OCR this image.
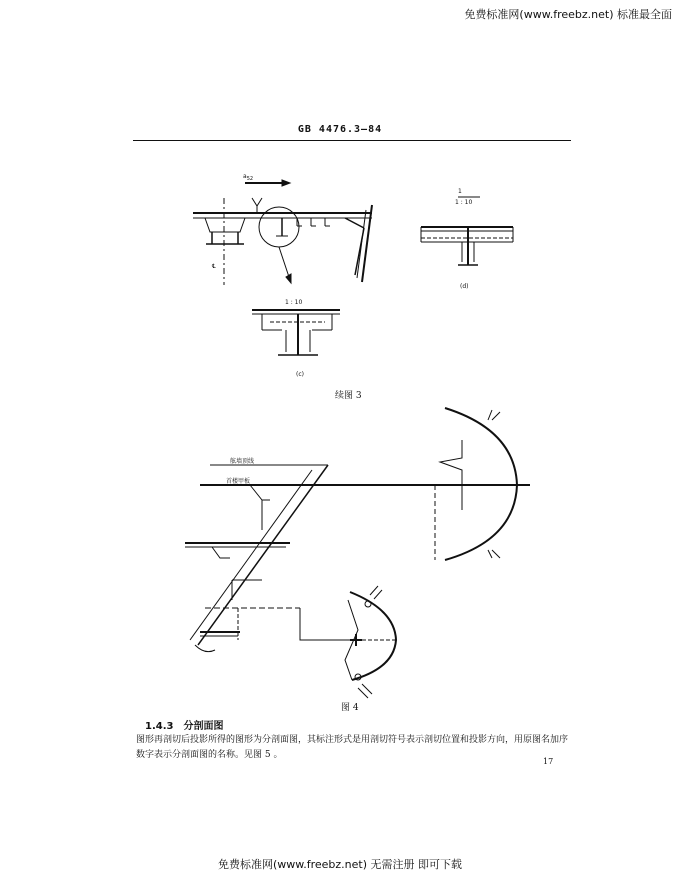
免费标准网(www.freebz.net) 标准最全面
GB 4476.3—84
$a_{52}$
℄
1
1 : 10
(d)
1 : 10
(c)
续图 3
舷墙顶线
首楼甲板
图 4
1.4.3 分剖面图
图形再剖切后投影所得的图形为分剖面图，其标注形式是用剖切符号表示剖切位置和投影方向，用原图名加序数字表示分剖面图的名称。见图 5 。
17
免费标准网(www.freebz.net) 无需注册 即可下载
